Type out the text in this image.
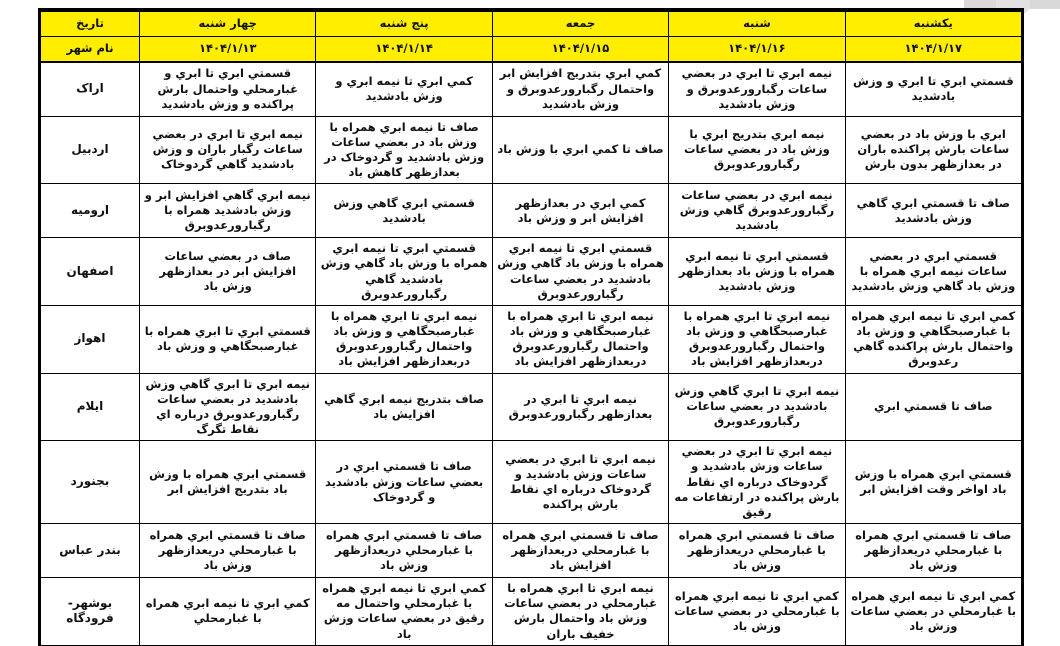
یکشنبه	شنبه	جمعه	پنج شنبه	چهار شنبه	تاریخ
۱۴۰۴/۱/۱۷	۱۴۰۴/۱/۱۶	۱۴۰۴/۱/۱۵	۱۴۰۴/۱/۱۴	۱۴۰۴/۱/۱۳	نام شهر
قسمتي ابري تا ابري و وزش بادشديد	نيمه ابري تا ابري در بعضي ساعات رگبارورعدوبرق و وزش بادشديد	کمي ابري بتدريج افزايش ابر واحتمال رگبارورعدوبرق و وزش بادشديد	کمي ابري تا نيمه ابري و وزش بادشديد	قسمتي ابري تا ابري و غبارمحلي واحتمال بارش پراکنده و وزش بادشديد	اراک
ابري با وزش باد در بعضي ساعات بارش پراکنده باران در بعدازظهر بدون بارش	نيمه ابري بتدريج ابري با وزش باد در بعضي ساعات رگبارورعدوبرق	صاف تا کمي ابري با وزش باد	صاف تا نيمه ابري همراه با وزش باد در بعضي ساعات وزش بادشديد و گردوخاک در بعدازظهر کاهش باد	نيمه ابري تا ابري در بعضي ساعات رگبار باران و وزش بادشديد گاهي گردوخاک	اردبیل
صاف تا قسمتي ابري گاهي وزش بادشديد	نيمه ابري در بعضي ساعات رگبارورعدوبرق گاهي وزش بادشديد	کمي ابري در بعدازظهر افزايش ابر و وزش باد	قسمتي ابري گاهي وزش بادشديد	نيمه ابري گاهي افزايش ابر و وزش بادشديد همراه با رگبارورعدوبرق	ارومیه
قسمتي ابري در بعضي ساعات نيمه ابري همراه با وزش باد گاهي وزش بادشديد	قسمتي ابري تا نيمه ابري همراه با وزش باد بعدازظهر وزش بادشديد	قسمتي ابري تا نيمه ابري همراه با وزش باد گاهي وزش بادشديد در بعضي ساعات رگبارورعدوبرق	قسمتي ابري تا نيمه ابري همراه با وزش باد گاهي وزش بادشديد گاهي رگبارورعدوبرق	صاف در بعضي ساعات افزايش ابر در بعدازظهر وزش باد	اصفهان
کمي ابري تا نيمه ابري همراه با غبارصبحگاهي و وزش باد واحتمال بارش پراکنده گاهي رعدوبرق	نيمه ابري تا ابري همراه با غبارصبحگاهي و وزش باد واحتمال رگبارورعدوبرق دربعدازظهر افزايش باد	نيمه ابري تا ابري همراه با غبارصبحگاهي و وزش باد واحتمال رگبارورعدوبرق دربعدازظهر افزايش باد	نيمه ابري تا ابري همراه با غبارصبحگاهي و وزش باد واحتمال رگبارورعدوبرق دربعدازظهر افزايش باد	قسمتي ابري تا ابري همراه با غبارصبحگاهي و وزش باد	اهواز
صاف تا قسمتي ابري	نيمه ابري تا ابري گاهي وزش بادشديد در بعضي ساعات رگبارورعدوبرق	نيمه ابري تا ابري در بعدازظهر رگبارورعدوبرق	صاف بتدريج نيمه ابري گاهي افزايش باد	نيمه ابري تا ابري گاهي وزش بادشديد در بعضي ساعات رگبارورعدوبرق درباره اي نقاط تگرگ	ایلام
قسمتي ابري همراه با وزش باد اواخر وقت افزايش ابر	نيمه ابري تا ابري در بعضي ساعات وزش بادشديد و گردوخاک درباره اي نقاط بارش پراکنده در ارتفاعات مه رقیق	نيمه ابري تا ابري در بعضي ساعات وزش بادشديد و گردوخاک درباره اي نقاط بارش پراکنده	صاف تا قسمتي ابري در بعضي ساعات وزش بادشديد و گردوخاک	قسمتي ابري همراه با وزش باد بتدريج افزايش ابر	بجنورد
صاف تا قسمتي ابري همراه با غبارمحلي دريعدازظهر وزش باد	صاف تا قسمتي ابري همراه با غبارمحلي دريعدازظهر وزش باد	صاف تا قسمتي ابري همراه با غبارمحلي دريعدازظهر افزايش باد	صاف تا قسمتي ابري همراه با غبارمحلي دريعدازظهر وزش باد	صاف تا قسمتي ابري همراه با غبارمحلي دريعدازظهر وزش باد	بندر عباس
کمي ابري تا نيمه ابري همراه با غبارمحلي در بعضي ساعات وزش باد	کمي ابري تا نيمه ابري همراه با غبارمحلي در بعضي ساعات وزش باد	نيمه ابري تا ابري همراه با غبارمحلي در بعضي ساعات وزش باد واحتمال بارش خفيف باران	کمي ابري تا نيمه ابري همراه با غبارمحلي واحتمال مه رقيق در بعضي ساعات وزش باد	کمي ابري تا نيمه ابري همراه با غبارمحلي	بوشهر- فرودگاه
